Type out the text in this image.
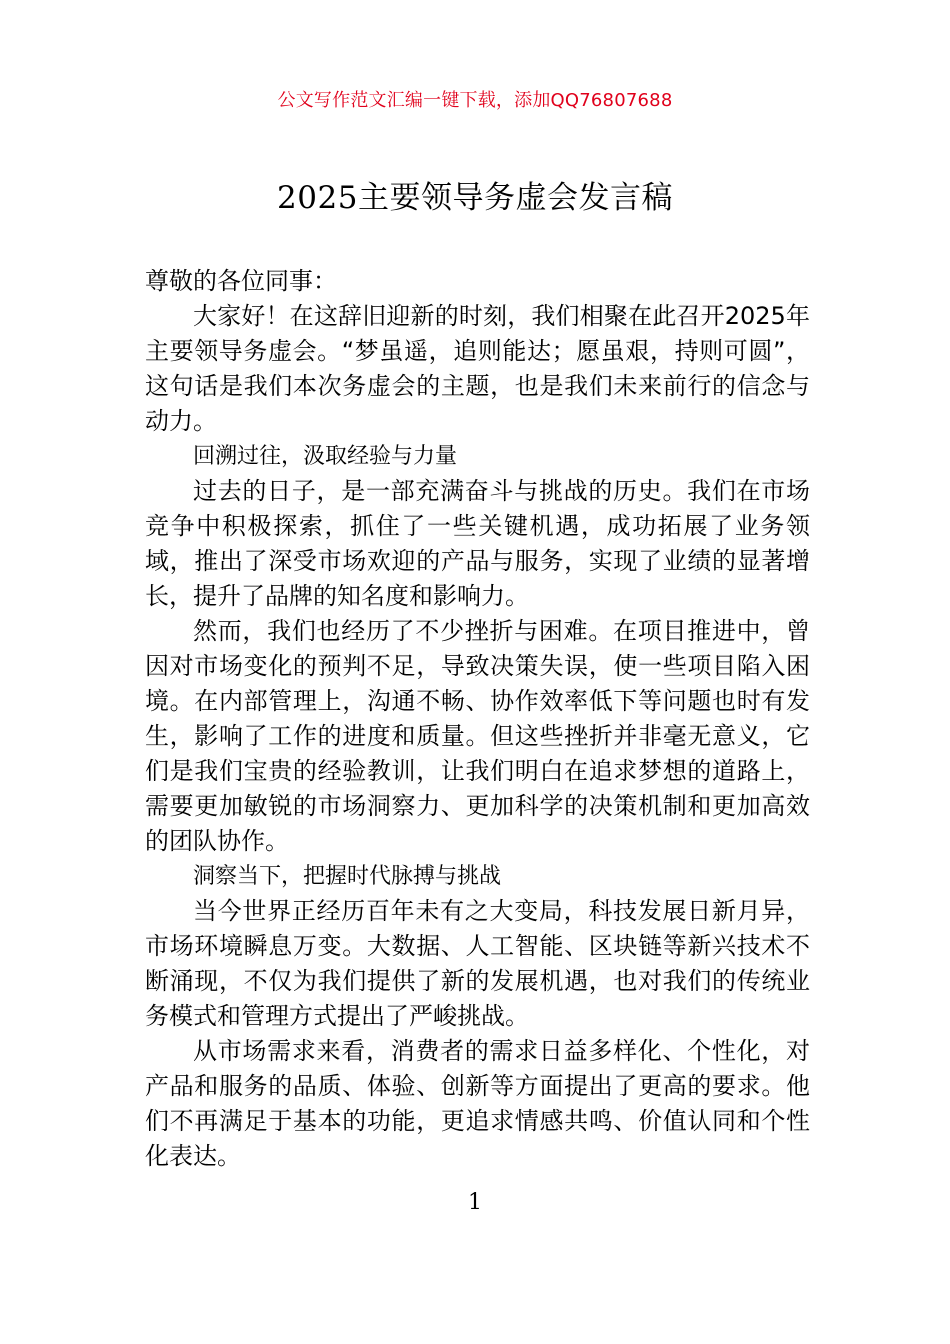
公文写作范文汇编一键下载，添加QQ76807688
2025主要领导务虚会发言稿

尊敬的各位同事：

大家好！在这辞旧迎新的时刻，我们相聚在此召开2025年主要领导务虚会。“梦虽遥，追则能达；愿虽艰，持则可圆”，这句话是我们本次务虚会的主题，也是我们未来前行的信念与动力。

回溯过往，汲取经验与力量

过去的日子，是一部充满奋斗与挑战的历史。我们在市场竞争中积极探索，抓住了一些关键机遇，成功拓展了业务领域，推出了深受市场欢迎的产品与服务，实现了业绩的显著增长，提升了品牌的知名度和影响力。

然而，我们也经历了不少挫折与困难。在项目推进中，曾因对市场变化的预判不足，导致决策失误，使一些项目陷入困境。在内部管理上，沟通不畅、协作效率低下等问题也时有发生，影响了工作的进度和质量。但这些挫折并非毫无意义，它们是我们宝贵的经验教训，让我们明白在追求梦想的道路上，需要更加敏锐的市场洞察力、更加科学的决策机制和更加高效的团队协作。

洞察当下，把握时代脉搏与挑战

当今世界正经历百年未有之大变局，科技发展日新月异，市场环境瞬息万变。大数据、人工智能、区块链等新兴技术不断涌现，不仅为我们提供了新的发展机遇，也对我们的传统业务模式和管理方式提出了严峻挑战。

从市场需求来看，消费者的需求日益多样化、个性化，对产品和服务的品质、体验、创新等方面提出了更高的要求。他们不再满足于基本的功能，更追求情感共鸣、价值认同和个性化表达。

1
